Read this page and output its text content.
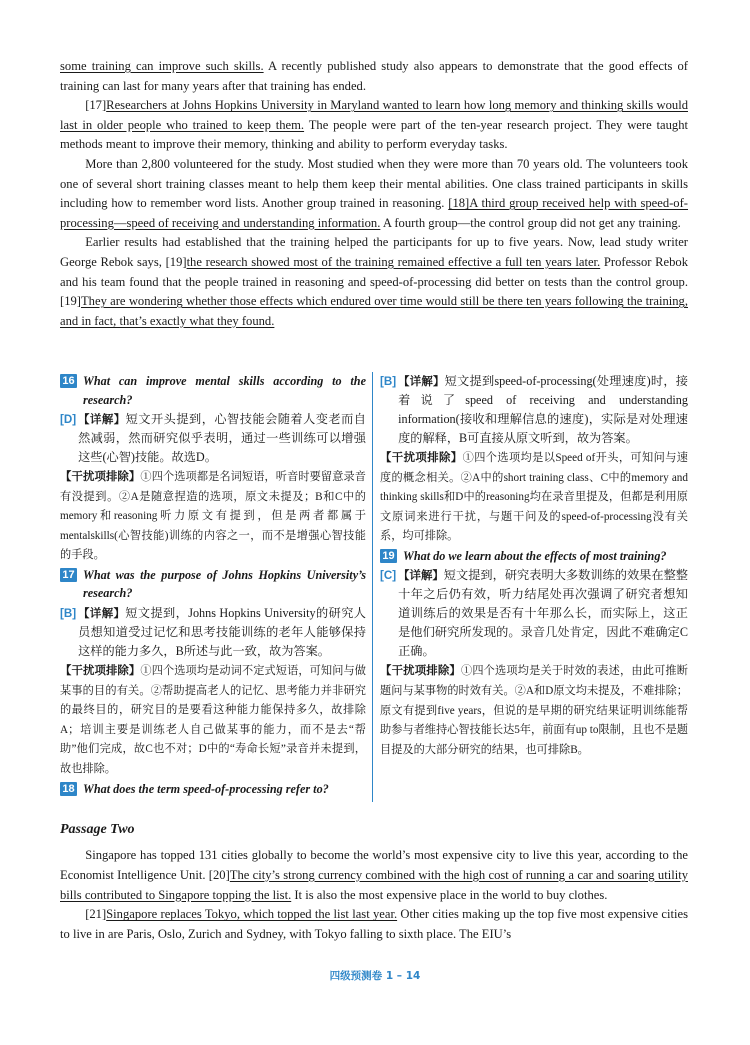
some training can improve such skills. A recently published study also appears to demonstrate that the good effects of training can last for many years after that training has ended.

[17]Researchers at Johns Hopkins University in Maryland wanted to learn how long memory and thinking skills would last in older people who trained to keep them. The people were part of the ten-year research project. They were taught methods meant to improve their memory, thinking and ability to perform everyday tasks.

More than 2,800 volunteered for the study. Most studied when they were more than 70 years old. The volunteers took one of several short training classes meant to help them keep their mental abilities. One class trained participants in skills including how to remember word lists. Another group trained in reasoning. [18]A third group received help with speed-of-processing—speed of receiving and understanding information. A fourth group—the control group did not get any training.

Earlier results had established that the training helped the participants for up to five years. Now, lead study writer George Rebok says, [19]the research showed most of the training remained effective a full ten years later. Professor Rebok and his team found that the people trained in reasoning and speed-of-processing did better on tests than the control group. [19]They are wondering whether those effects which endured over time would still be there ten years following the training, and in fact, that’s exactly what they found.

16 What can improve mental skills according to the research?
[D] 【详解】短文开头提到，心智技能会随着人变老而自然减弱，然而研究似乎表明，通过一些训练可以增强这些(心智)技能。故选D。

【干扰项排除】①四个选项都是名词短语，听音时要留意录音有没提到。②A是随意捏造的选项，原文未提及；B和C中的memory和reasoning听力原文有提到，但是两者都属于mentalskills(心智技能)训练的内容之一，而不是增强心智技能的手段。

17 What was the purpose of Johns Hopkins University’s research?
[B] 【详解】短文提到，Johns Hopkins University的研究人员想知道受过记忆和思考技能训练的老年人能够保持这样的能力多久，B所述与此一致，故为答案。

【干扰项排除】①四个选项均是动词不定式短语，可知问与做某事的目的有关。②帮助提高老人的记忆、思考能力并非研究的最终目的，研究目的是要看这种能力能保持多久，故排除A；培训主要是训练老人自己做某事的能力，而不是去“帮助”他们完成，故C也不对；D中的“寿命长短”录音并未提到，故也排除。

18 What does the term speed-of-processing refer to?
[B] 【详解】短文提到speed-of-processing(处理速度)时，接着说了speed of receiving and understanding information(接收和理解信息的速度)，实际是对处理速度的解释，B可直接从原文听到，故为答案。

【干扰项排除】①四个选项均是以Speed of开头，可知问与速度的概念相关。②A中的short training class、C中的memory and thinking skills和D中的reasoning均在录音里提及，但都是利用原文原词来进行干扰，与题干问及的speed-of-processing没有关系，均可排除。

19 What do we learn about the effects of most training?
[C] 【详解】短文提到，研究表明大多数训练的效果在整整十年之后仍有效，听力结尾处再次强调了研究者想知道训练后的效果是否有十年那么长，而实际上，这正是他们研究所发现的。录音几处肯定，因此不难确定C正确。

【干扰项排除】①四个选项均是关于时效的表述，由此可推断题问与某事物的时效有关。②A和D原文均未提及，不难排除；原文有提到five years，但说的是早期的研究结果证明训练能帮助参与者维持心智技能长达5年，前面有up to限制，且也不是题目提及的大部分研究的结果，也可排除B。

Passage Two

Singapore has topped 131 cities globally to become the world’s most expensive city to live this year, according to the Economist Intelligence Unit. [20]The city’s strong currency combined with the high cost of running a car and soaring utility bills contributed to Singapore topping the list. It is also the most expensive place in the world to buy clothes.

[21]Singapore replaces Tokyo, which topped the list last year. Other cities making up the top five most expensive cities to live in are Paris, Oslo, Zurich and Sydney, with Tokyo falling to sixth place. The EIU’s

四级预测卷 1 – 14
